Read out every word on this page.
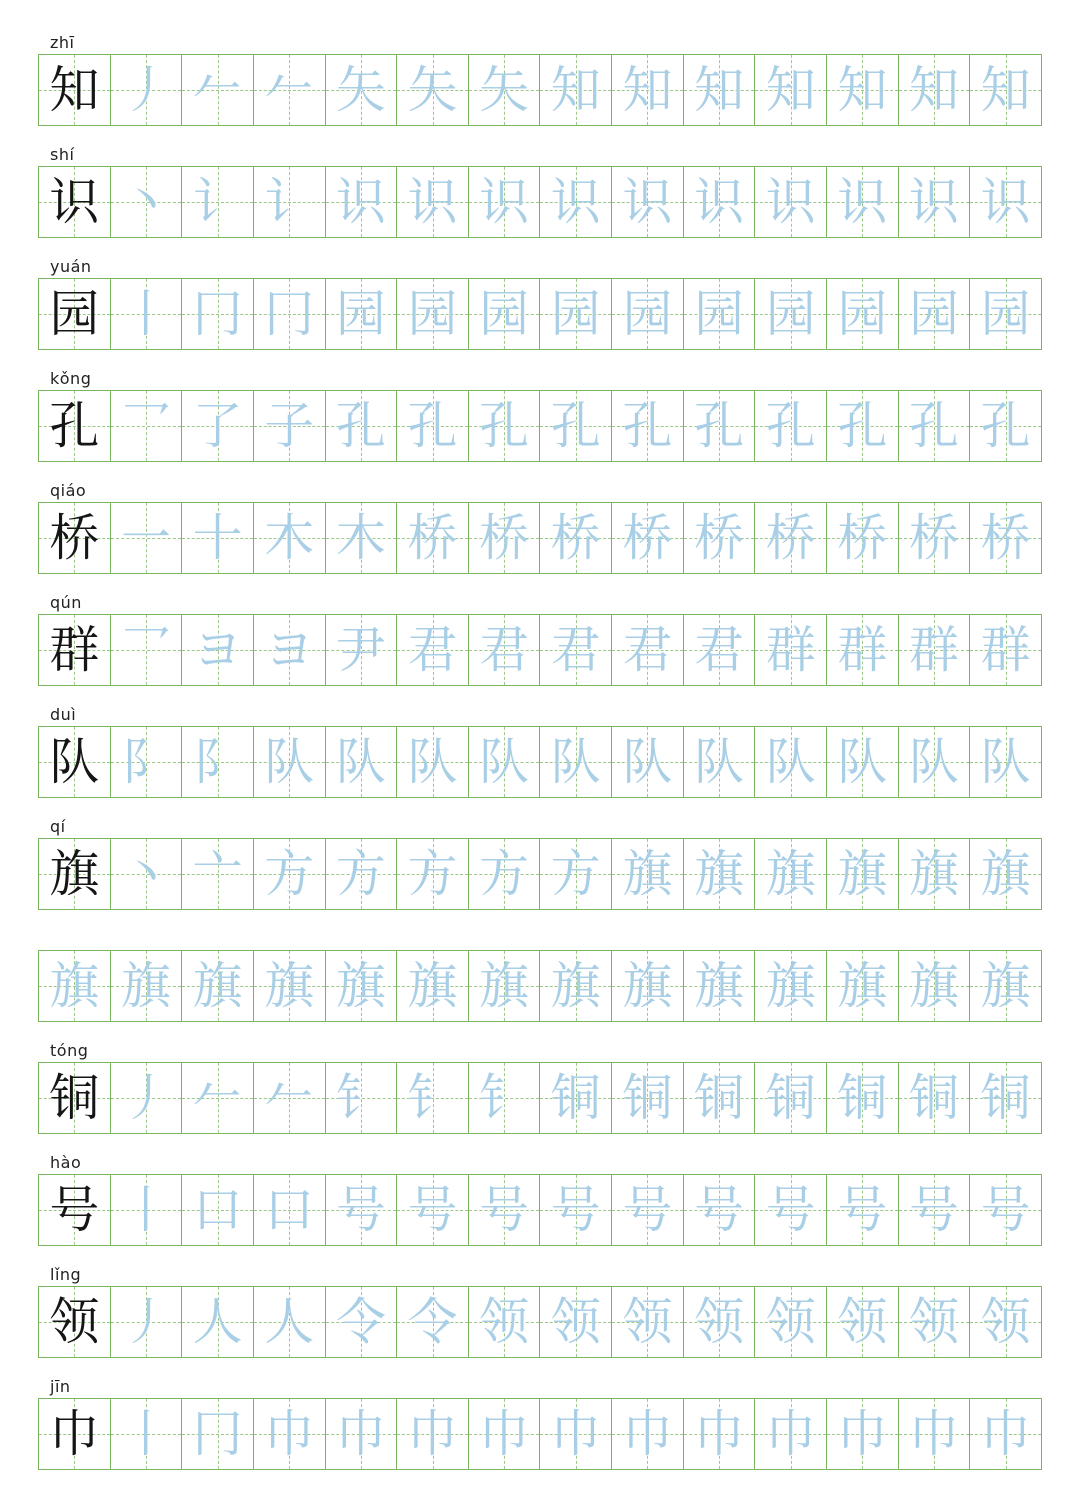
zhī
知 丿 𠂉 𠂉 矢 矢 矢 知 知 知 知 知 知 知
shí
识 丶 讠 讠 识 识 识 识 识 识 识 识 识 识
yuán
园 丨 冂 冂 园 园 园 园 园 园 园 园 园 园
kǒng
孔 乛 了 子 孔 孔 孔 孔 孔 孔 孔 孔 孔 孔
qiáo
桥 一 十 木 木 桥 桥 桥 桥 桥 桥 桥 桥 桥
qún
群 乛 ヨ ヨ 尹 君 君 君 君 君 群 群 群 群
duì
队 阝 阝 队 队 队 队 队 队 队 队 队 队 队
qí
旗 丶 亠 方 方 方 方 方 旗 旗 旗 旗 旗 旗
旗 旗 旗 旗 旗 旗 旗 旗 旗 旗 旗 旗 旗 旗
tóng
铜 丿 𠂉 𠂉 钅 钅 钅 铜 铜 铜 铜 铜 铜 铜
hào
号 丨 口 口 号 号 号 号 号 号 号 号 号 号
lǐng
领 丿 人 人 令 令 领 领 领 领 领 领 领 领
jīn
巾 丨 冂 巾 巾 巾 巾 巾 巾 巾 巾 巾 巾 巾
